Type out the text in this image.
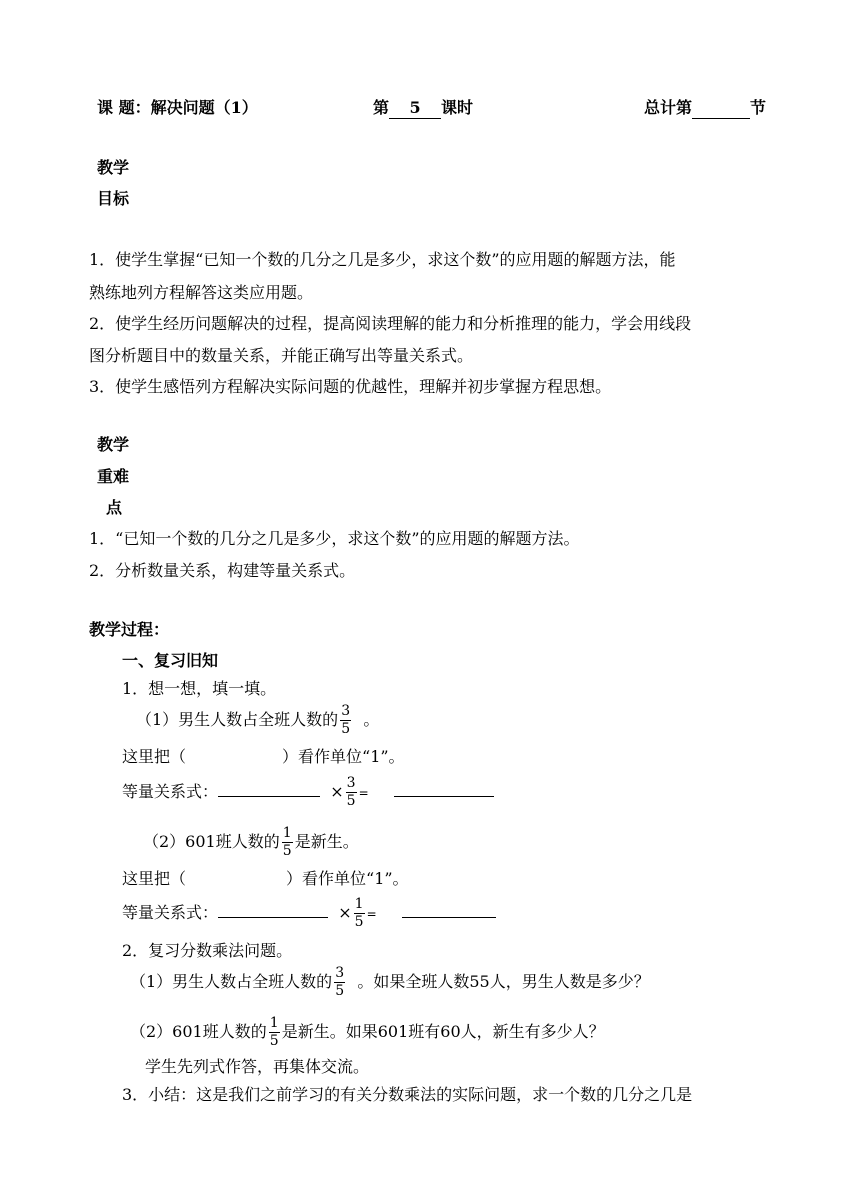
课 题：解决问题（1）	第 5 课时	总计第	节
教学
目标
1．使学生掌握“已知一个数的几分之几是多少，求这个数”的应用题的解题方法，能
熟练地列方程解答这类应用题。
2．使学生经历问题解决的过程，提高阅读理解的能力和分析推理的能力，学会用线段
图分析题目中的数量关系，并能正确写出等量关系式。
3．使学生感悟列方程解决实际问题的优越性，理解并初步掌握方程思想。
教学
重难
点
1．“已知一个数的几分之几是多少，求这个数”的应用题的解题方法。
2．分析数量关系，构建等量关系式。
教学过程：
一、复习旧知
1．想一想，填一填。
（1）男生人数占全班人数的 $\frac{3}{5}$ 。
这里把（	）看作单位“1”。
等量关系式：	× $\frac{3}{5}$ =
（2）601班人数的 $\frac{1}{5}$ 是新生。
这里把（	）看作单位“1”。
等量关系式：	× $\frac{1}{5}$ =
2．复习分数乘法问题。
（1）男生人数占全班人数的 $\frac{3}{5}$ 。如果全班人数55人，男生人数是多少？
（2）601班人数的 $\frac{1}{5}$ 是新生。如果601班有60人，新生有多少人？
学生先列式作答，再集体交流。
3．小结：这是我们之前学习的有关分数乘法的实际问题，求一个数的几分之几是
